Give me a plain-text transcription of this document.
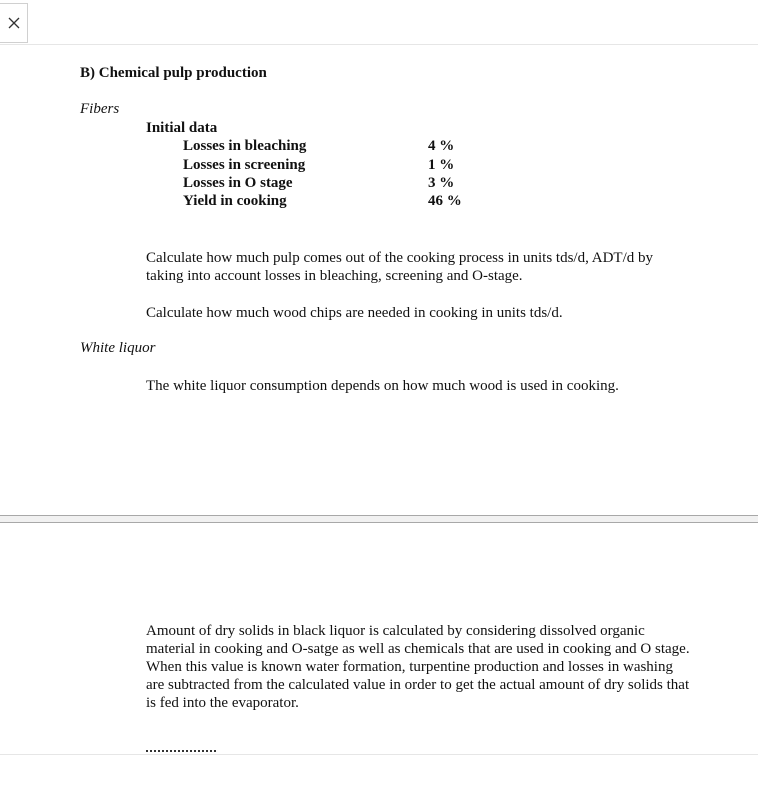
B) Chemical pulp production
Fibers
Initial data
Losses in bleaching	4 %
Losses in screening	1 %
Losses in O stage	3 %
Yield in cooking	46 %
Calculate how much pulp comes out of the cooking process in units tds/d, ADT/d by taking into account losses in bleaching, screening and O-stage.
Calculate how much wood chips are needed in cooking in units tds/d.
White liquor
The white liquor consumption depends on how much wood is used in cooking.
Amount of dry solids in black liquor is calculated by considering dissolved organic material in cooking and O-satge as well as chemicals that are used in cooking and O stage. When this value is known water formation, turpentine production and losses in washing are subtracted from the calculated value in order to get the actual amount of dry solids that is fed into the evaporator.
